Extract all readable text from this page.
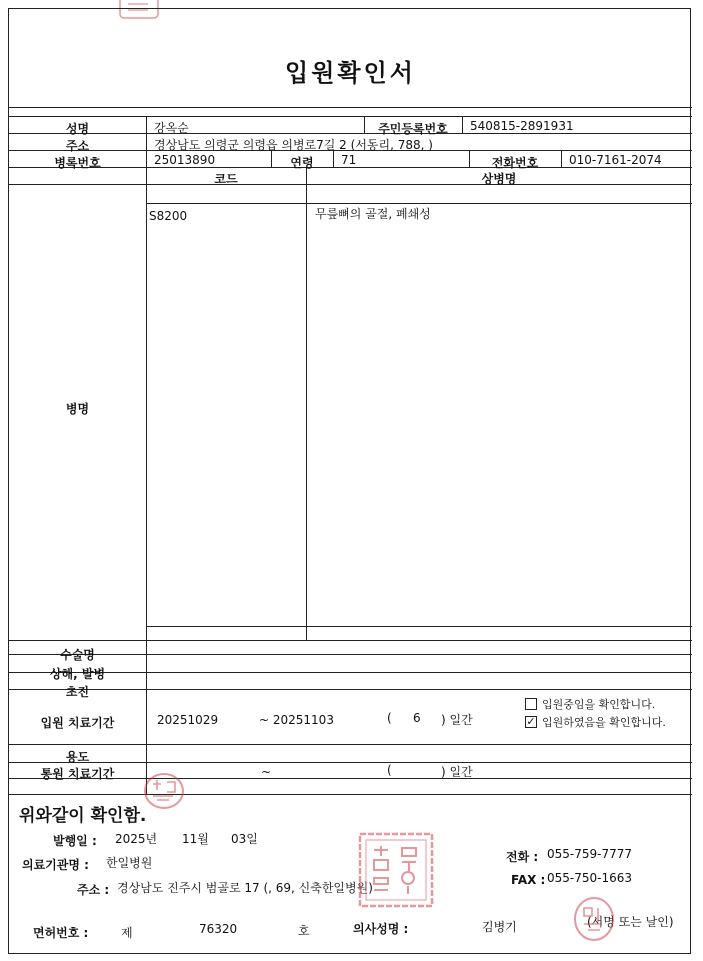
입원확인서
성명	강옥순	주민등록번호	540815-2891931
주소	경상남도 의령군 의령읍 의병로7길 2 (서동리, 788, )
병록번호	25013890	연령	71	전화번호	010-7161-2074
코드	상병명
S8200	무릎뼈의 골절, 폐쇄성
병명
수술명
상해, 발병
초진
입원 치료기간	20251029	~ 20251103	( 6 ) 일간
입원중임을 확인합니다.
✓ 입원하였음을 확인합니다.
용도
통원 치료기간	~	(	) 일간
위와같이 확인함.
발행일 : 2025년 11월 03일
의료기관명 : 한일병원
주소 : 경상남도 진주시 범골로 17 (, 69, 신축한일병원)
전화 : 055-759-7777
FAX : 055-750-1663
면허번호 :	제	76320	호	의사성명 :	김병기	(서명 또는 날인)
